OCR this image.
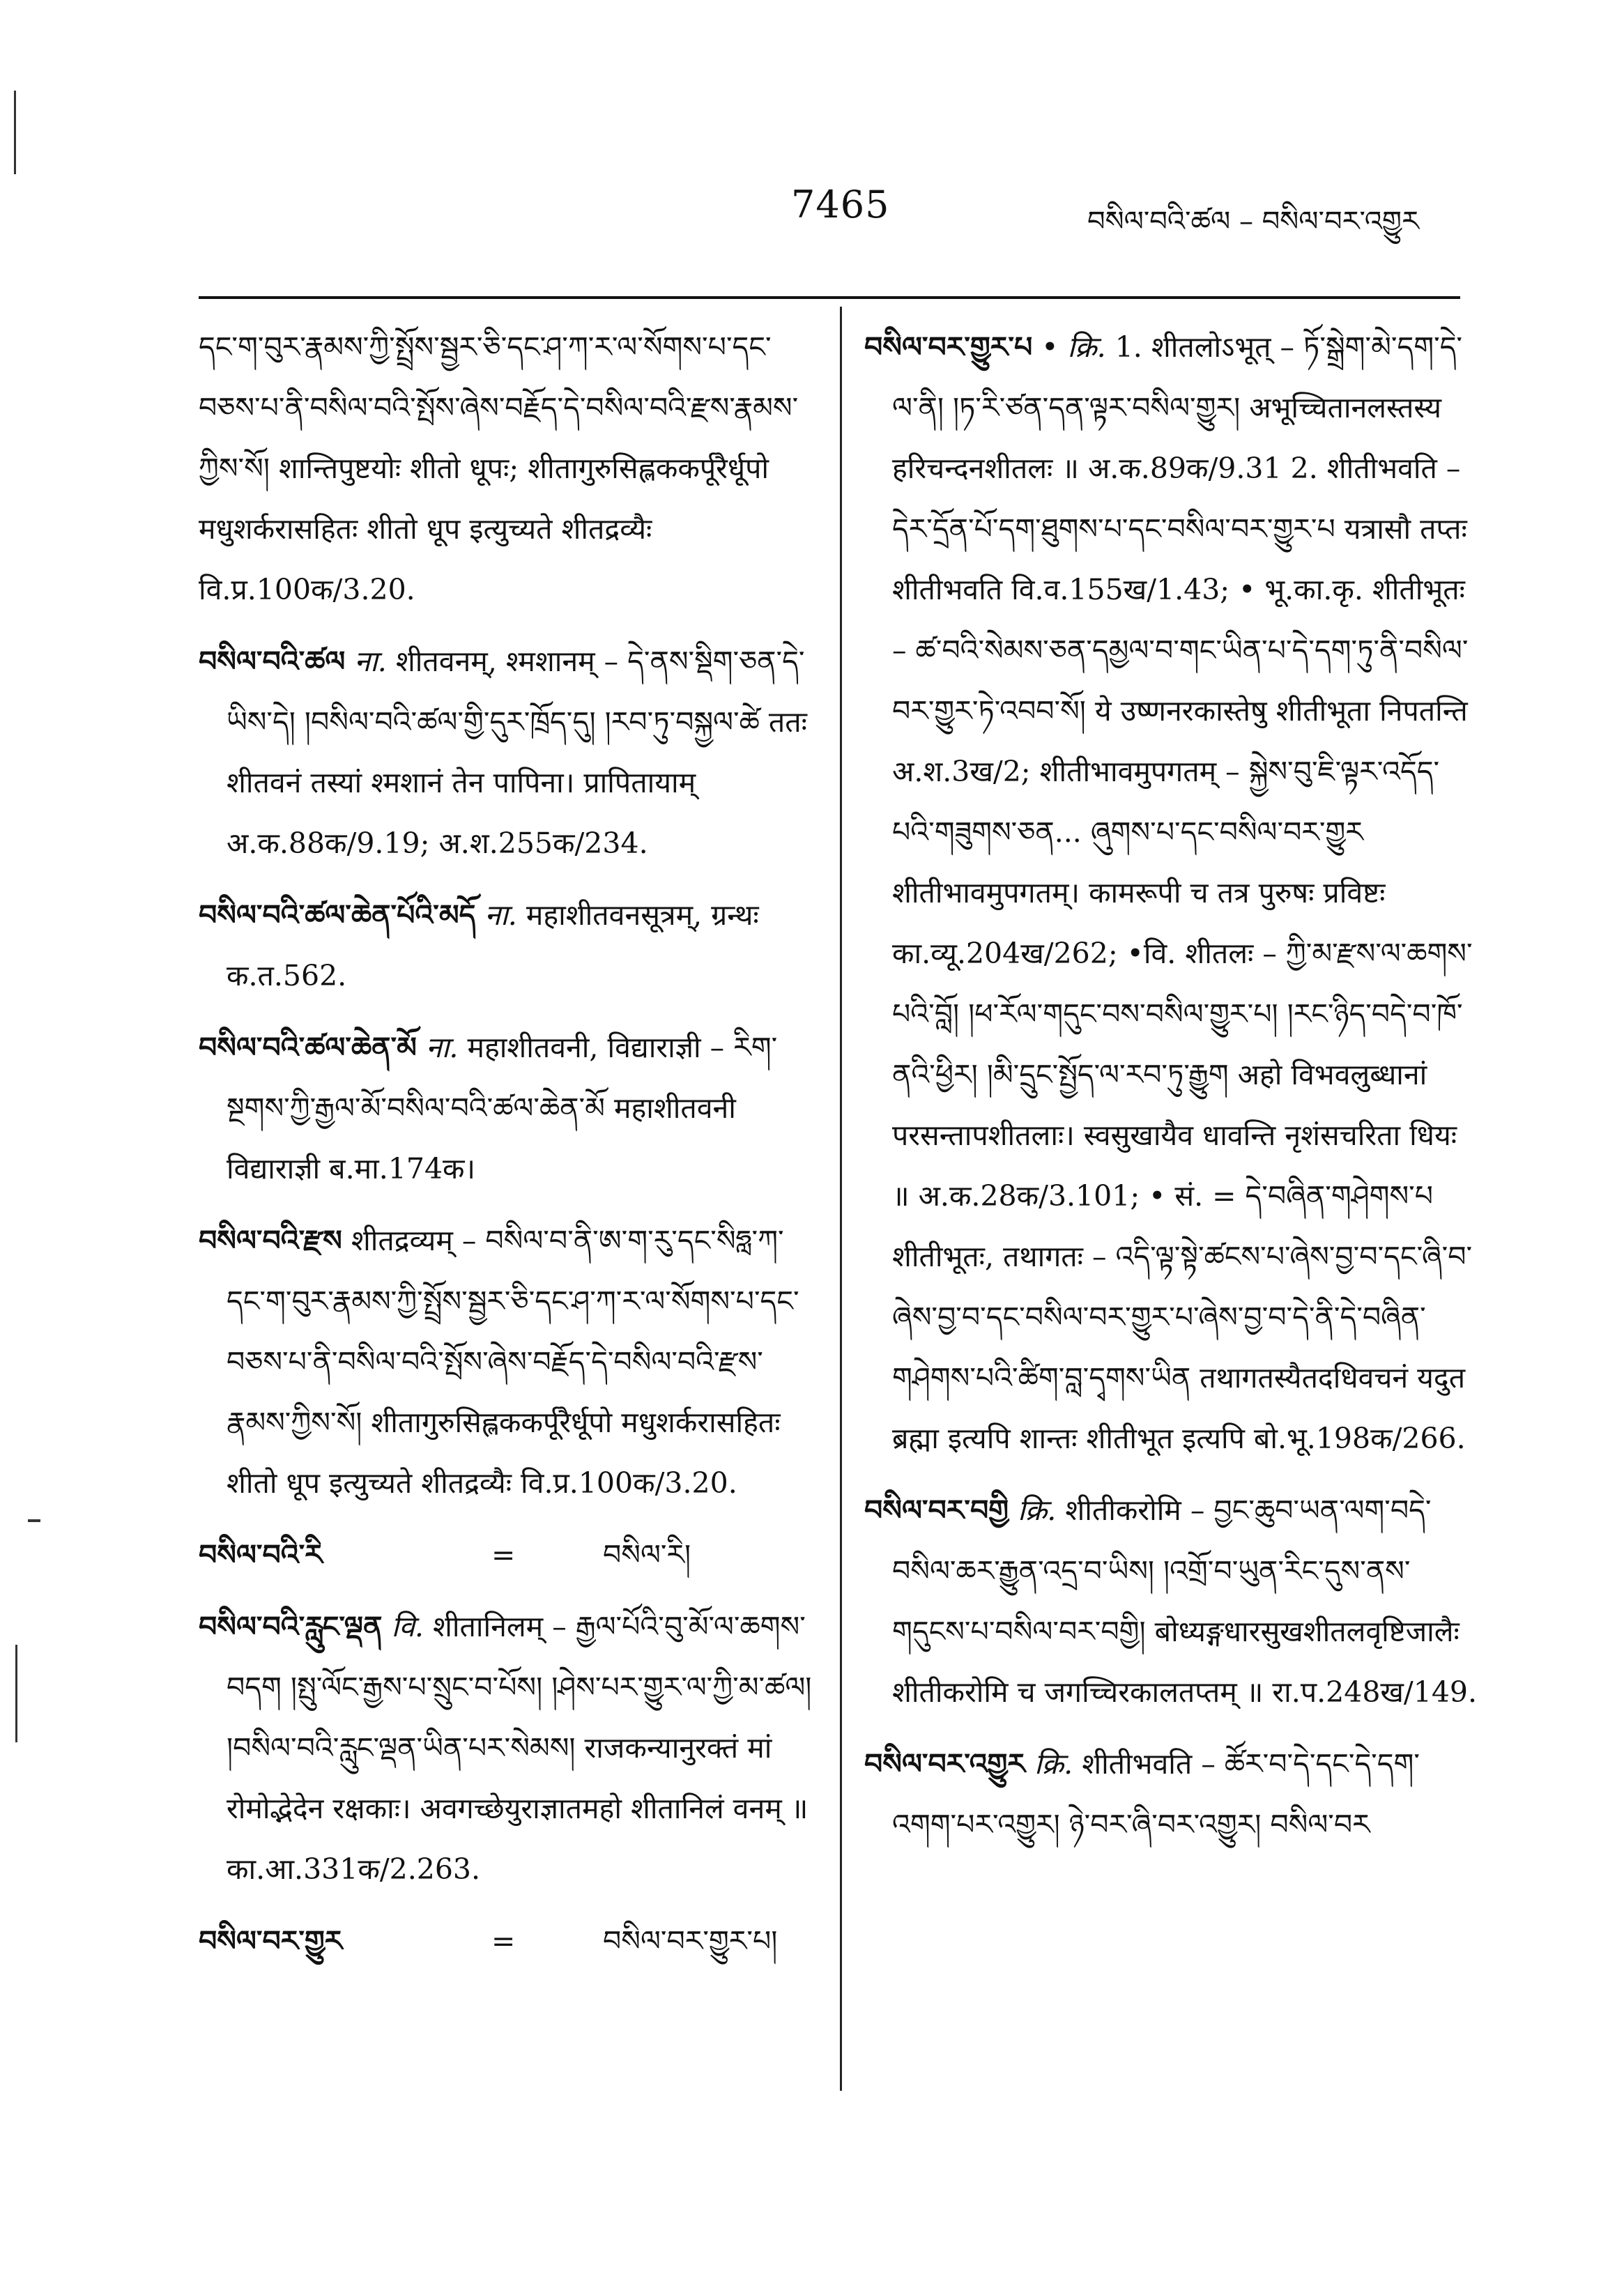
7465	བསིལ་བའི་ཚལ – བསིལ་བར་འགྱུར

དང་ག་བུར་རྣམས་ཀྱི་སྤྲོས་སྦྱར་ཅི་དང་ཤ་ཀ་ར་ལ་སོགས་པ་དང་བཅས་པ་ནི་བསིལ་བའི་སྤོས་ཞེས་བརྗོད་དེ་བསིལ་བའི་རྫས་རྣམས་ཀྱིས་སོ། शान्तिपुष्टयोः शीतो धूपः; शीतागुरुसिह्लककर्पूरैर्धूपो मधुशर्करासहितः शीतो धूप इत्युच्यते शीतद्रव्यैः वि.प्र.100क/3.20.

བསིལ་བའི་ཚལ ना. शीतवनम्, श्मशानम् – དེ་ནས་སྡིག་ཅན་དེ་ཡིས་དེ། །བསིལ་བའི་ཚལ་གྱི་དུར་ཁྲོད་དུ། །རབ་ཏུ་བསྐྱལ་ཚེ ततः शीतवनं तस्यां श्मशानं तेन पापिना। प्रापितायाम् अ.क.88क/9.19; अ.श.255क/234.

བསིལ་བའི་ཚལ་ཆེན་པོའི་མདོ ना. महाशीतवनसूत्रम्, ग्रन्थः क.त.562.

བསིལ་བའི་ཚལ་ཆེན་མོ ना. महाशीतवनी, विद्याराज्ञी – རིག་སྔགས་ཀྱི་རྒྱལ་མོ་བསིལ་བའི་ཚལ་ཆེན་མོ महाशीतवनी विद्याराज्ञी ब.मा.174क।

བསིལ་བའི་རྫས शीतद्रव्यम् – བསིལ་བ་ནི་ཨ་ག་རུ་དང་སིཧླ་ཀ་དང་ག་བུར་རྣམས་ཀྱི་སྤྲོས་སྦྱར་ཅི་དང་ཤ་ཀ་ར་ལ་སོགས་པ་དང་བཅས་པ་ནི་བསིལ་བའི་སྤོས་ཞེས་བརྗོད་དེ་བསིལ་བའི་རྫས་རྣམས་ཀྱིས་སོ། शीतागुरुसिह्लककर्पूरैर्धूपो मधुशर्करासहितः शीतो धूप इत्युच्यते शीतद्रव्यैः वि.प्र.100क/3.20.

བསིལ་བའི་རི	=	བསིལ་རི།

བསིལ་བའི་རླུང་ལྡན वि. शीतानिलम् – རྒྱལ་པོའི་བུ་མོ་ལ་ཆགས་བདག །སྤུ་ལོང་རྒྱས་པ་སྲུང་བ་པོས། །ཤེས་པར་གྱུར་ལ་ཀྱི་མ་ཚལ། །བསིལ་བའི་རླུང་ལྡན་ཡིན་པར་སེམས། राजकन्यानुरक्तं मां रोमोद्भेदेन रक्षकाः। अवगच्छेयुराज्ञातमहो शीतानिलं वनम् ॥ का.आ.331क/2.263.

བསིལ་བར་གྱུར	=	བསིལ་བར་གྱུར་པ།

བསིལ་བར་གྱུར་པ • क्रि. 1. शीतलोऽभूत् – ཏོ་སྒྲེག་མེ་དག་དེ་ལ་ནི། །ཏ་རི་ཙན་དན་ལྟར་བསིལ་གྱུར། अभूच्चितानलस्तस्य हरिचन्दनशीतलः ॥ अ.क.89क/9.31 2. शीतीभवति – དེར་དྲོན་པོ་དག་ཐུགས་པ་དང་བསིལ་བར་གྱུར་པ यत्रासौ तप्तः शीतीभवति वि.व.155ख/1.43; • भू.का.कृ. शीतीभूतः – ཚ་བའི་སེམས་ཅན་དམྱལ་བ་གང་ཡིན་པ་དེ་དག་ཏུ་ནི་བསིལ་བར་གྱུར་ཏེ་འབབ་སོ། ये उष्णनरकास्तेषु शीतीभूता निपतन्ति अ.श.3ख/2; शीतीभावमुपगतम् – སྐྱེས་བུ་ཇི་ལྟར་འདོད་པའི་གཟུགས་ཅན... ཞུགས་པ་དང་བསིལ་བར་གྱུར शीतीभावमुपगतम्। कामरूपी च तत्र पुरुषः प्रविष्टः का.व्यू.204ख/262; •वि. शीतलः – ཀྱི་མ་རྫས་ལ་ཆགས་པའི་བློ། །ཕ་རོལ་གདུང་བས་བསིལ་གྱུར་པ། །རང་ཉིད་བདེ་བ་ཁོ་ནའི་ཕྱིར། །མི་དྲུང་སྤྱོད་ལ་རབ་ཏུ་རྒྱུག अहो विभवलुब्धानां परसन्तापशीतलाः। स्वसुखायैव धावन्ति नृशंसचरिता धियः ॥ अ.क.28क/3.101; • सं. = དེ་བཞིན་གཤེགས་པ शीतीभूतः, तथागतः – འདི་ལྟ་སྟེ་ཚངས་པ་ཞེས་བྱ་བ་དང་ཞི་བ་ཞེས་བྱ་བ་དང་བསིལ་བར་གྱུར་པ་ཞེས་བྱ་བ་དེ་ནི་དེ་བཞིན་གཤེགས་པའི་ཚིག་བླ་དྭགས་ཡིན तथागतस्यैतदधिवचनं यदुत ब्रह्मा इत्यपि शान्तः शीतीभूत इत्यपि बो.भू.198क/266.

བསིལ་བར་བགྱི क्रि. शीतीकरोमि – བྱང་ཆུབ་ཡན་ལག་བདེ་བསིལ་ཆར་རྒྱུན་འདྲ་བ་ཡིས། །འགྲོ་བ་ཡུན་རིང་དུས་ནས་གདུངས་པ་བསིལ་བར་བགྱི། बोध्यङ्गधारसुखशीतलवृष्टिजालैः शीतीकरोमि च जगच्चिरकालतप्तम् ॥ रा.प.248ख/149.

བསིལ་བར་འགྱུར क्रि. शीतीभवति – ཚོར་བ་དེ་དང་དེ་དག་འགག་པར་འགྱུར། ཉེ་བར་ཞི་བར་འགྱུར། བསིལ་བར
